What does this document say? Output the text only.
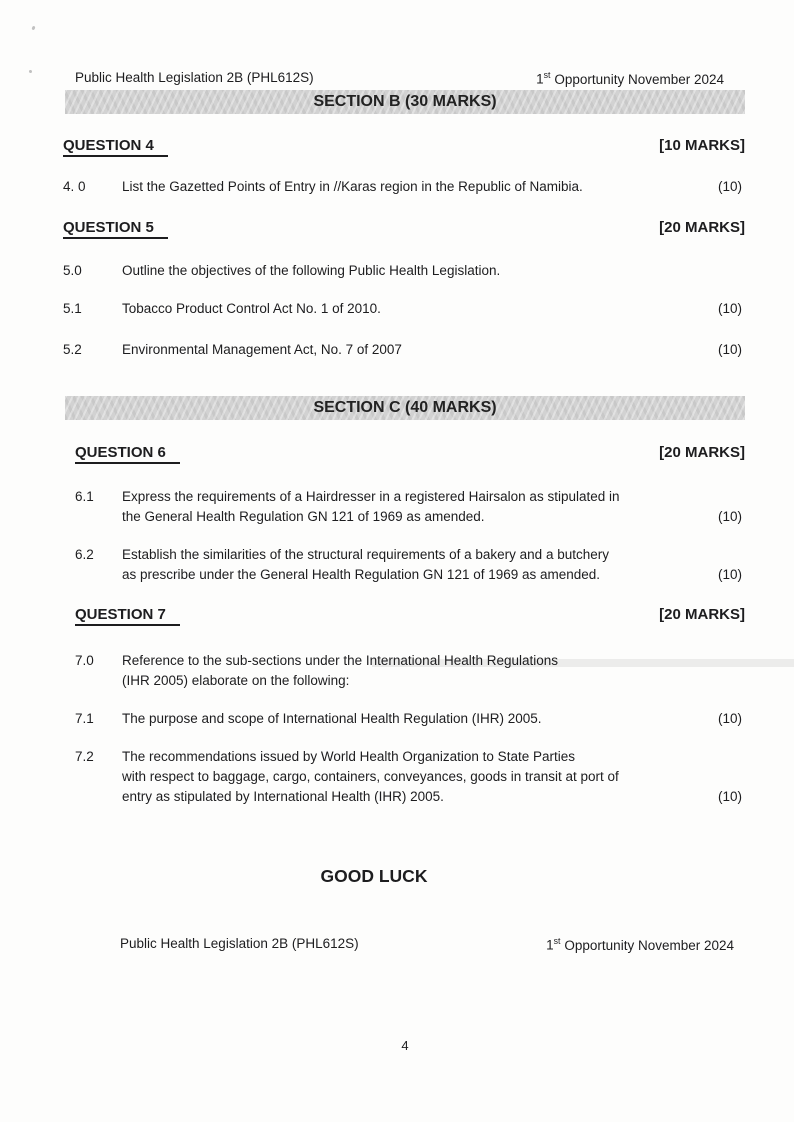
Public Health Legislation 2B (PHL612S)	1st Opportunity November 2024
SECTION B (30 MARKS)
QUESTION 4	[10 MARKS]
4. 0	List the Gazetted Points of Entry in //Karas region in the Republic of Namibia.	(10)
QUESTION 5	[20 MARKS]
5.0	Outline the objectives of the following Public Health Legislation.
5.1	Tobacco Product Control Act No. 1 of 2010.	(10)
5.2	Environmental Management Act, No. 7 of 2007	(10)
SECTION C (40 MARKS)
QUESTION 6	[20 MARKS]
6.1	Express the requirements of a Hairdresser in a registered Hairsalon as stipulated in
the General Health Regulation GN 121 of 1969 as amended.	(10)
6.2	Establish the similarities of the structural requirements of a bakery and a butchery
as prescribe under the General Health Regulation GN 121 of 1969 as amended.	(10)
QUESTION 7	[20 MARKS]
7.0	Reference to the sub-sections under the International Health Regulations
(IHR 2005) elaborate on the following:
7.1	The purpose and scope of International Health Regulation (IHR) 2005.	(10)
7.2	The recommendations issued by World Health Organization to State Parties
with respect to baggage, cargo, containers, conveyances, goods in transit at port of
entry as stipulated by International Health (IHR) 2005.	(10)
GOOD LUCK
Public Health Legislation 2B (PHL612S)	1st Opportunity November 2024
4
